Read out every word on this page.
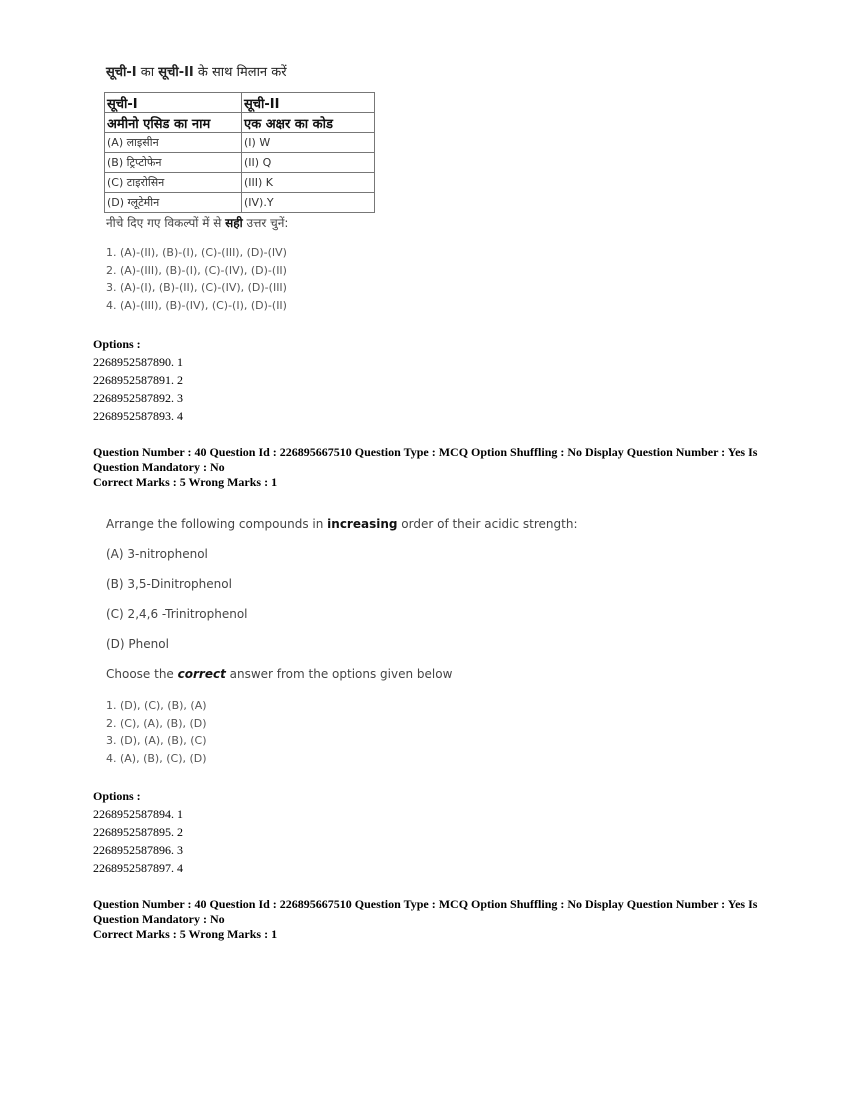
सूची-I का सूची-II के साथ मिलान करें
सूची-I	सूची-II
अमीनो एसिड का नाम	एक अक्षर का कोड
(A) लाइसीन	(I) W
(B) ट्रिप्टोफेन	(II) Q
(C) टाइरोसिन	(III) K
(D) ग्लूटेमीन	(IV).Y
नीचे दिए गए विकल्पों में से सही उत्तर चुनें:
1. (A)-(II), (B)-(I), (C)-(III), (D)-(IV)
2. (A)-(III), (B)-(I), (C)-(IV), (D)-(II)
3. (A)-(I), (B)-(II), (C)-(IV), (D)-(III)
4. (A)-(III), (B)-(IV), (C)-(I), (D)-(II)
Options :
2268952587890. 1
2268952587891. 2
2268952587892. 3
2268952587893. 4
Question Number : 40 Question Id : 226895667510 Question Type : MCQ Option Shuffling : No Display Question Number : Yes Is
Question Mandatory : No
Correct Marks : 5 Wrong Marks : 1
Arrange the following compounds in increasing order of their acidic strength:
(A) 3-nitrophenol
(B) 3,5-Dinitrophenol
(C) 2,4,6 -Trinitrophenol
(D) Phenol
Choose the correct answer from the options given below
1. (D), (C), (B), (A)
2. (C), (A), (B), (D)
3. (D), (A), (B), (C)
4. (A), (B), (C), (D)
Options :
2268952587894. 1
2268952587895. 2
2268952587896. 3
2268952587897. 4
Question Number : 40 Question Id : 226895667510 Question Type : MCQ Option Shuffling : No Display Question Number : Yes Is
Question Mandatory : No
Correct Marks : 5 Wrong Marks : 1
